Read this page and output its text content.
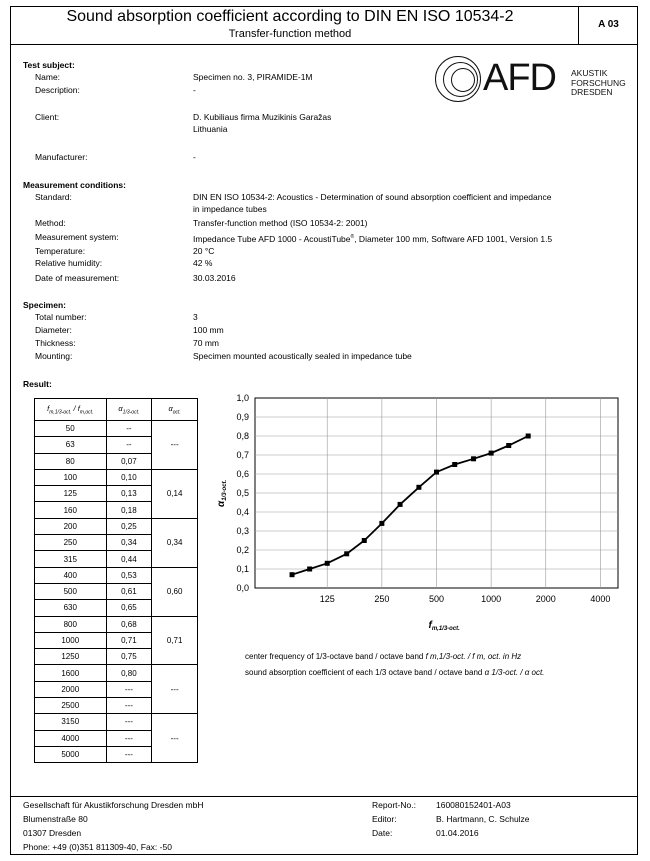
Sound absorption coefficient according to DIN EN ISO 10534-2
Transfer-function method
A 03
AFD AKUSTIK
FORSCHUNG
DRESDEN
Test subject:
Name:	Specimen no. 3, PIRAMIDE-1M
Description:	-
Client:	D. Kubiliaus firma Muzikinis Garažas
Lithuania
Manufacturer:	-
Measurement conditions:
Standard:	DIN EN ISO 10534-2: Acoustics - Determination of sound absorption coefficient and impedance
in impedance tubes
Method:	Transfer-function method (ISO 10534-2: 2001)
Measurement system:	Impedance Tube AFD 1000 - AcoustiTube®, Diameter 100 mm, Software AFD 1001, Version 1.5
Temperature:	20 °C
Relative humidity:	42 %
Date of measurement:	30.03.2016
Specimen:
Total number:	3
Diameter:	100 mm
Thickness:	70 mm
Mounting:	Specimen mounted acoustically sealed in impedance tube
Result:
$f_{m,1/3-oct.} / f_{m,oct.}$	$\alpha_{1/3-oct.}$	$\alpha_{oct.}$
50	--	---
63	--	
80	0,07	
100	0,10	0,14
125	0,13	
160	0,18	
200	0,25	0,34
250	0,34	
315	0,44	
400	0,53	0,60
500	0,61	
630	0,65	
800	0,68	0,71
1000	0,71	
1250	0,75	
1600	0,80	---
2000	---	
2500	---	
3150	---	---
4000	---	
5000	---	
0,0
0,1
0,2
0,3
0,4
0,5
0,6
0,7
0,8
0,9
1,0
125	250	500	1000	2000	4000
$f_{m,1/3-oct.}$
$\alpha_{1/3-oct.}$
center frequency of 1/3-octave band / octave band f m,1/3-oct. / f m, oct. in Hz
sound absorption coefficient of each 1/3 octave band / octave band α 1/3-oct. / α oct.
Gesellschaft für Akustikforschung Dresden mbH
Blumenstraße 80
01307 Dresden
Phone: +49 (0)351 811309-40, Fax: -50
Report-No.: 160080152401-A03
Editor:	B. Hartmann, C. Schulze
Date:	01.04.2016
